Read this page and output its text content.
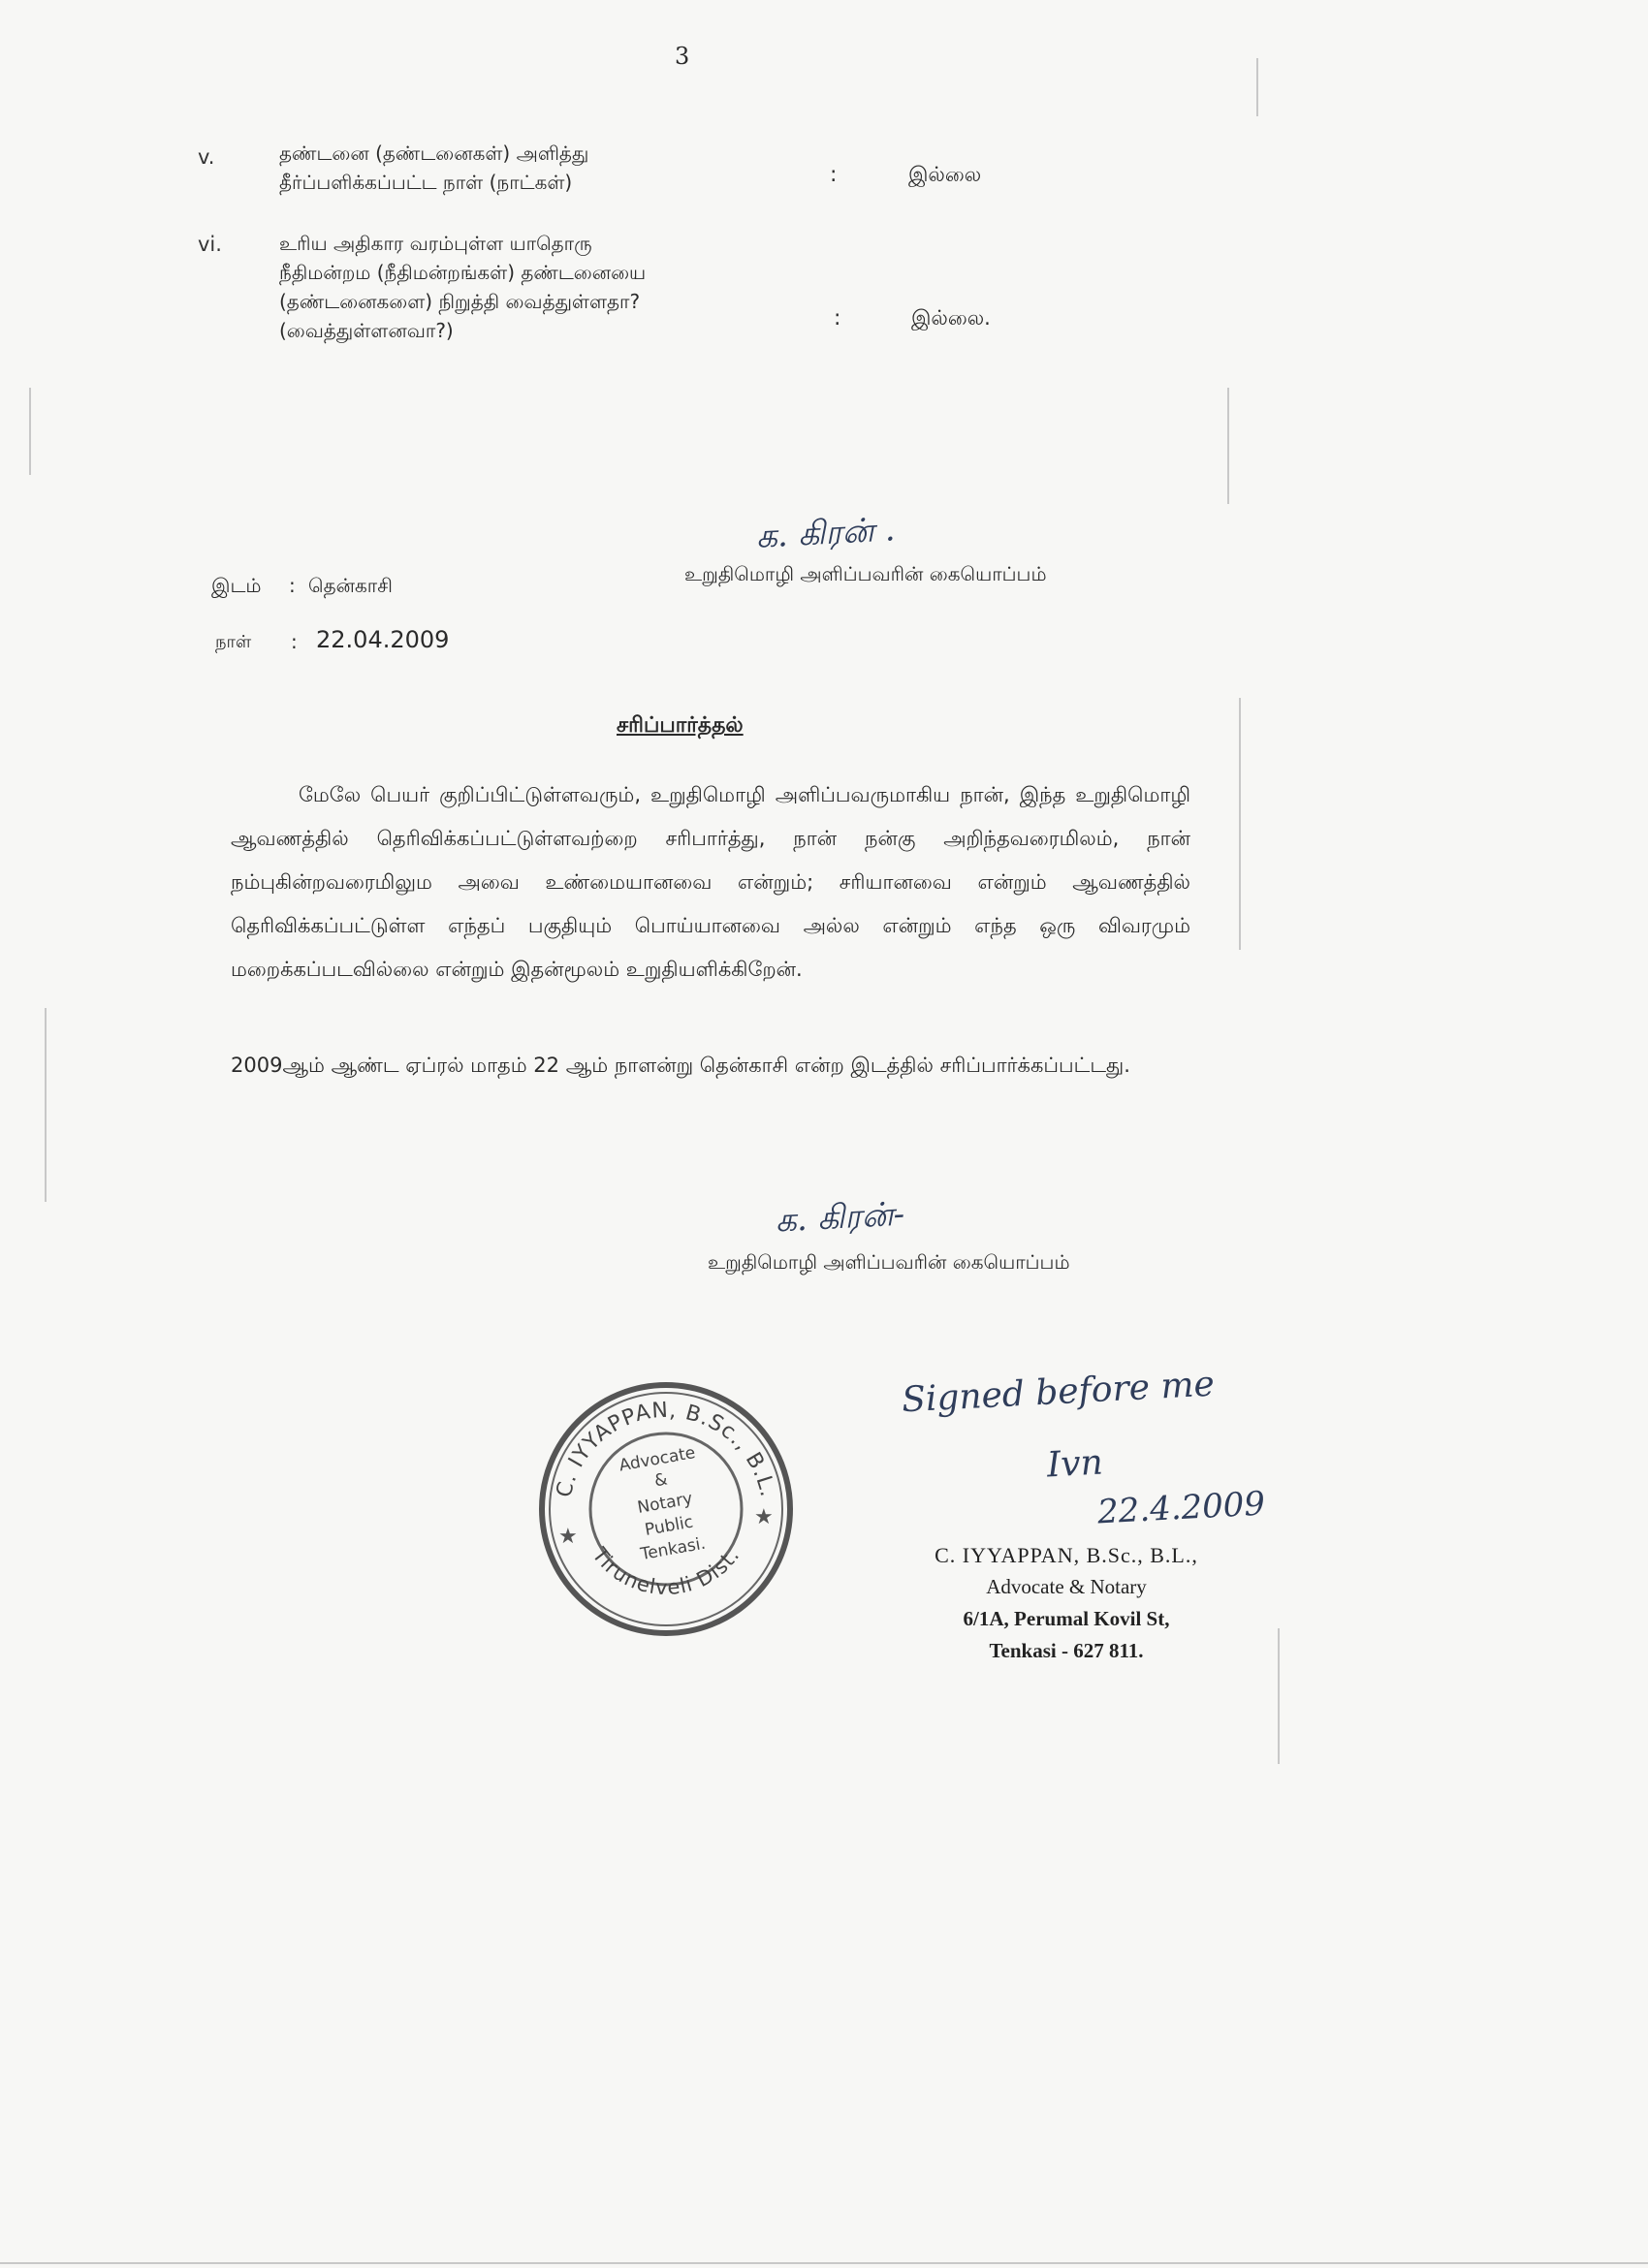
3
v.	தண்டனை (தண்டனைகள்) அளித்து
தீர்ப்பளிக்கப்பட்ட நாள் (நாட்கள்)	:	இல்லை
vi.	உரிய அதிகார வரம்புள்ள யாதொரு
நீதிமன்றம (நீதிமன்றங்கள்) தண்டனையை
(தண்டனைகளை) நிறுத்தி வைத்துள்ளதா?
(வைத்துள்ளனவா?)	:	இல்லை.
க. கிரன் .
உறுதிமொழி அளிப்பவரின் கையொப்பம்
இடம் : தென்காசி
நாள் : 22.04.2009
சரிப்பார்த்தல்
மேலே பெயர் குறிப்பிட்டுள்ளவரும், உறுதிமொழி அளிப்பவருமாகிய நான், இந்த உறுதிமொழி ஆவணத்தில் தெரிவிக்கப்பட்டுள்ளவற்றை சரிபார்த்து, நான் நன்கு அறிந்தவரைமிலம், நான் நம்புகின்றவரைமிலும அவை உண்மையானவை என்றும்; சரியானவை என்றும் ஆவணத்தில் தெரிவிக்கப்பட்டுள்ள எந்தப் பகுதியும் பொய்யானவை அல்ல என்றும் எந்த ஒரு விவரமும் மறைக்கப்படவில்லை என்றும் இதன்மூலம் உறுதியளிக்கிறேன்.
2009ஆம் ஆண்ட ஏப்ரல் மாதம் 22 ஆம் நாளன்று தென்காசி என்ற இடத்தில் சரிப்பார்க்கப்பட்டது.
க. கிரன்-
உறுதிமொழி அளிப்பவரின் கையொப்பம்
C. IYYAPPAN, B.Sc., B.L.
Tirunelveli Dist.
★
★
Advocate
&
Notary
Public
Tenkasi.
Signed before me
Ivn
22.4.2009
C. IYYAPPAN, B.Sc., B.L.,
Advocate & Notary
6/1A, Perumal Kovil St,
Tenkasi - 627 811.
